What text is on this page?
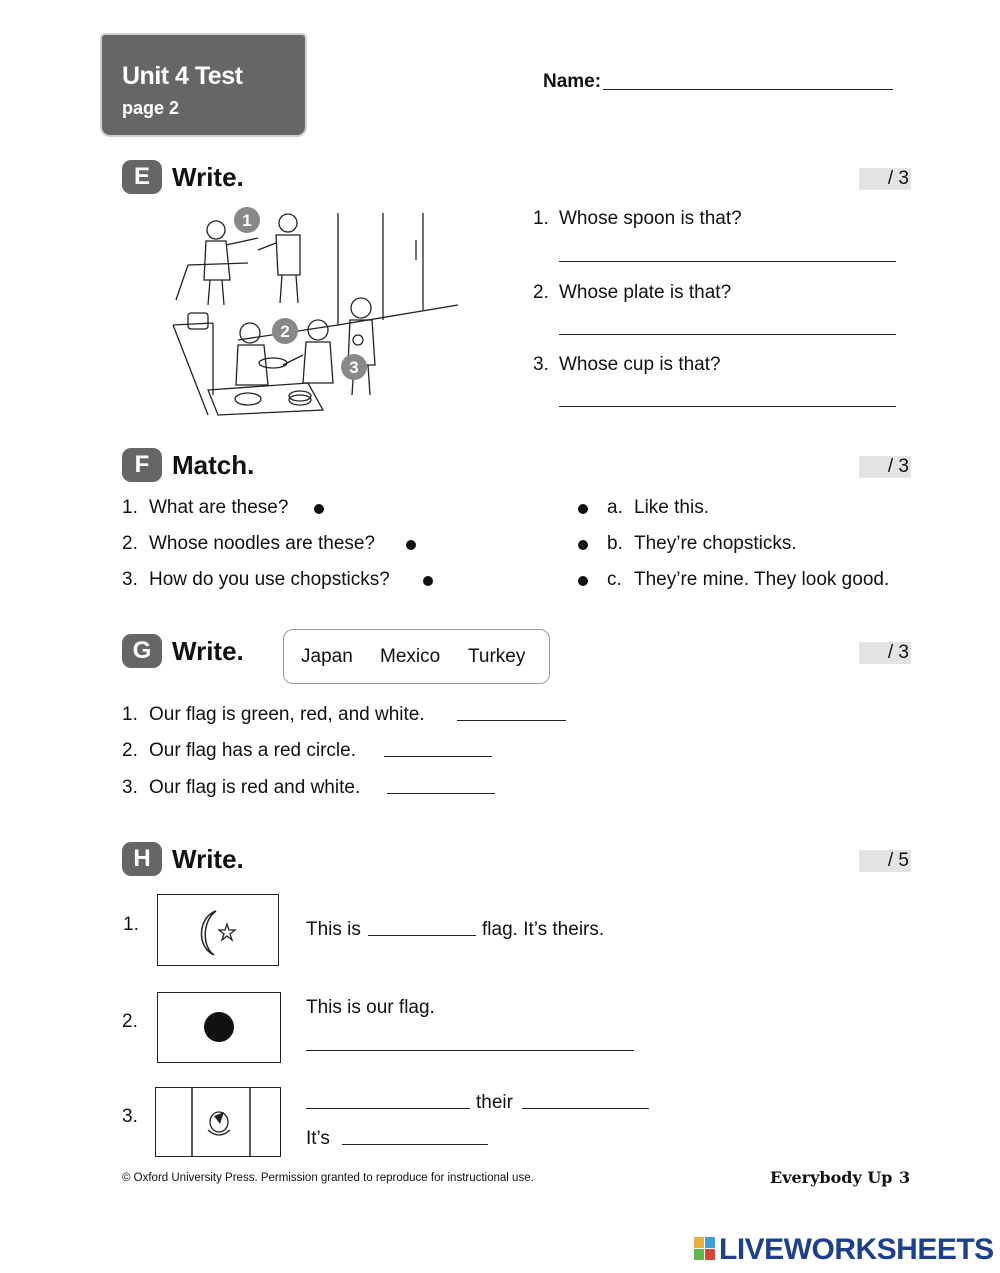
Unit 4 Test
page 2
Name:
E Write.	/ 3
1
2
3
1. Whose spoon is that?
2. Whose plate is that?
3. Whose cup is that?
F Match.	/ 3
1. What are these?
2. Whose noodles are these?
3. How do you use chopsticks?
a. Like this.
b. They’re chopsticks.
c. They’re mine. They look good.
G Write.	/ 3
Japan Mexico Turkey
1. Our flag is green, red, and white.
2. Our flag has a red circle.
3. Our flag is red and white.
H Write.	/ 5
1.	This is	flag. It’s theirs.
2.
This is our flag.
3.
their
It’s
© Oxford University Press. Permission granted to reproduce for instructional use.	Everybody Up 3
LIVEWORKSHEETS
